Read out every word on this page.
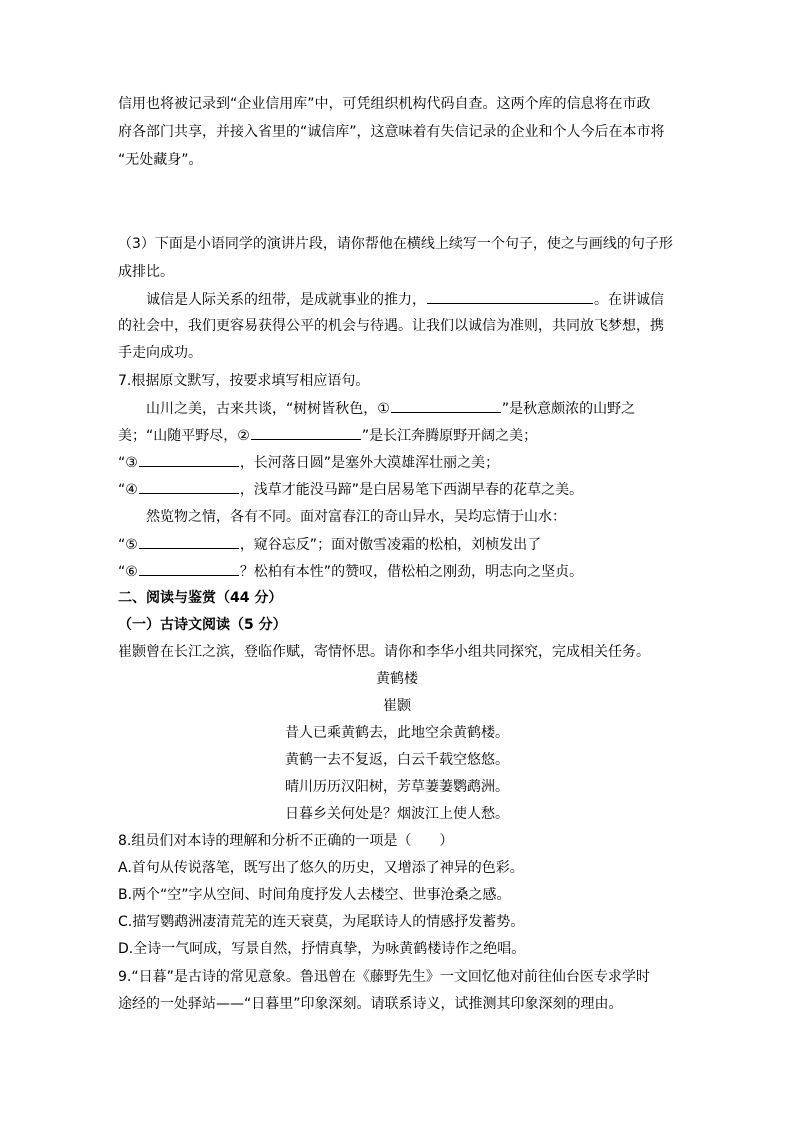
信用也将被记录到“企业信用库”中，可凭组织机构代码自查。这两个库的信息将在市政
府各部门共享，并接入省里的“诚信库”，这意味着有失信记录的企业和个人今后在本市将
“无处藏身”。
（3）下面是小语同学的演讲片段，请你帮他在横线上续写一个句子，使之与画线的句子形
成排比。
诚信是人际关系的纽带，是成就事业的推力，	。在讲诚信
的社会中，我们更容易获得公平的机会与待遇。让我们以诚信为准则，共同放飞梦想，携
手走向成功。
7.根据原文默写，按要求填写相应语句。
山川之美，古来共谈，“树树皆秋色，①	”是秋意颇浓的山野之
美；“山随平野尽，②	”是长江奔腾原野开阔之美；
“③	，长河落日圆”是塞外大漠雄浑壮丽之美；
“④	，浅草才能没马蹄”是白居易笔下西湖早春的花草之美。
然览物之情，各有不同。面对富春江的奇山异水，吴均忘情于山水：
“⑤	，窥谷忘反”；面对傲雪凌霜的松柏，刘桢发出了
“⑥	？松柏有本性”的赞叹，借松柏之刚劲，明志向之坚贞。
二、阅读与鉴赏（44 分）
（一）古诗文阅读（5 分）
崔颢曾在长江之滨，登临作赋，寄情怀思。请你和李华小组共同探究，完成相关任务。
黄鹤楼
崔颢
昔人已乘黄鹤去，此地空余黄鹤楼。
黄鹤一去不复返，白云千载空悠悠。
晴川历历汉阳树，芳草萋萋鹦鹉洲。
日暮乡关何处是？烟波江上使人愁。
8.组员们对本诗的理解和分析不正确的一项是（　　）
A.首句从传说落笔，既写出了悠久的历史，又增添了神异的色彩。
B.两个“空”字从空间、时间角度抒发人去楼空、世事沧桑之感。
C.描写鹦鹉洲凄清荒芜的连天衰莫，为尾联诗人的情感抒发蓄势。
D.全诗一气呵成，写景自然，抒情真挚，为咏黄鹤楼诗作之绝唱。
9.“日暮”是古诗的常见意象。鲁迅曾在《藤野先生》一文回忆他对前往仙台医专求学时
途经的一处驿站——“日暮里”印象深刻。请联系诗义，试推测其印象深刻的理由。
